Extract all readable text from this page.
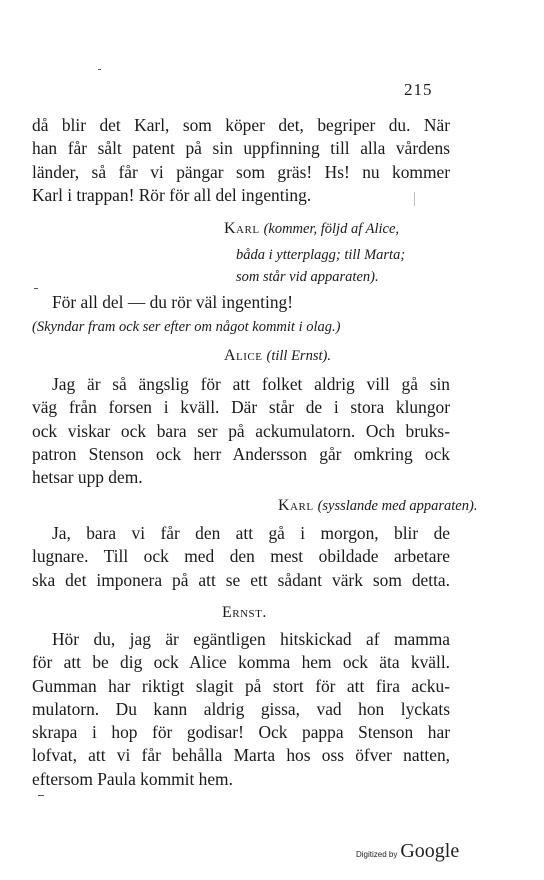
215
då blir det Karl, som köper det, begriper du. När
han får sålt patent på sin uppfinning till alla vårdens
länder, så får vi pängar som gräs! Hs! nu kommer
Karl i trappan! Rör för all del ingenting.
Karl (kommer, följd af Alice,
båda i ytterplagg; till Marta;
som står vid apparaten).
För all del — du rör väl ingenting!
(Skyndar fram ock ser efter om något kommit i olag.)
Alice (till Ernst).
Jag är så ängslig för att folket aldrig vill gå sin
väg från forsen i kväll. Där står de i stora klungor
ock viskar ock bara ser på ackumulatorn. Och bruks-
patron Stenson ock herr Andersson går omkring ock
hetsar upp dem.
Karl (sysslande med apparaten).
Ja, bara vi får den att gå i morgon, blir de
lugnare. Till ock med den mest obildade arbetare
ska det imponera på att se ett sådant värk som detta.
Ernst.
Hör du, jag är egäntligen hitskickad af mamma
för att be dig ock Alice komma hem ock äta kväll.
Gumman har riktigt slagit på stort för att fira acku-
mulatorn. Du kann aldrig gissa, vad hon lyckats
skrapa i hop för godisar! Ock pappa Stenson har
lofvat, att vi får behålla Marta hos oss öfver natten,
eftersom Paula kommit hem.
Digitized by Google
